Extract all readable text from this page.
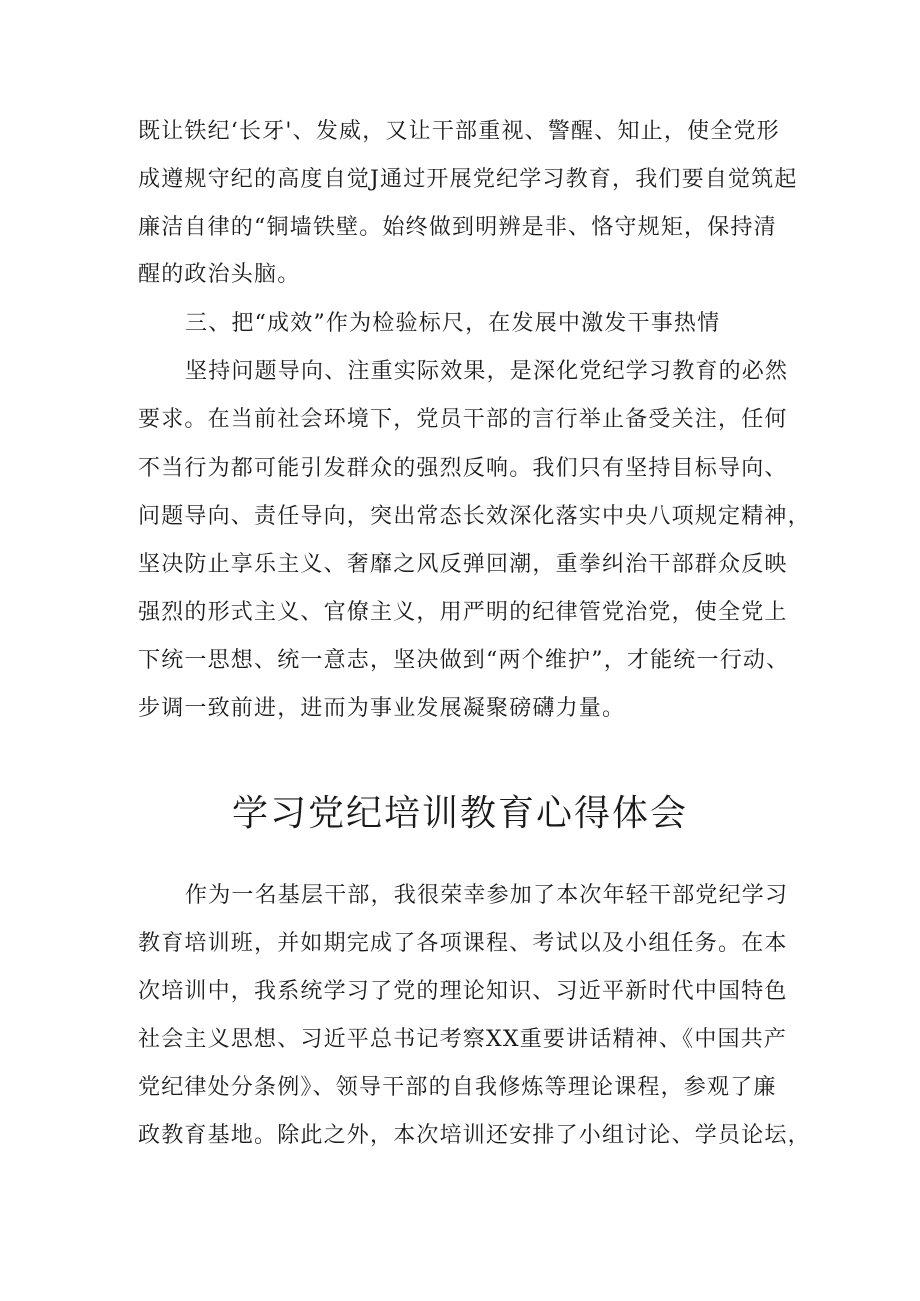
既让铁纪‘长牙'、发威，又让干部重视、警醒、知止，使全党形
成遵规守纪的高度自觉J通过开展党纪学习教育，我们要自觉筑起
廉洁自律的“铜墙铁壁。始终做到明辨是非、恪守规矩，保持清
醒的政治头脑。
三、把“成效”作为检验标尺，在发展中激发干事热情
坚持问题导向、注重实际效果，是深化党纪学习教育的必然
要求。在当前社会环境下，党员干部的言行举止备受关注，任何
不当行为都可能引发群众的强烈反响。我们只有坚持目标导向、
问题导向、责任导向，突出常态长效深化落实中央八项规定精神，
坚决防止享乐主义、奢靡之风反弹回潮，重拳纠治干部群众反映
强烈的形式主义、官僚主义，用严明的纪律管党治党，使全党上
下统一思想、统一意志，坚决做到“两个维护”，才能统一行动、
步调一致前进，进而为事业发展凝聚磅礴力量。
学习党纪培训教育心得体会
作为一名基层干部，我很荣幸参加了本次年轻干部党纪学习
教育培训班，并如期完成了各项课程、考试以及小组任务。在本
次培训中，我系统学习了党的理论知识、习近平新时代中国特色
社会主义思想、习近平总书记考察XX重要讲话精神、《中国共产
党纪律处分条例》、领导干部的自我修炼等理论课程，参观了廉
政教育基地。除此之外，本次培训还安排了小组讨论、学员论坛，
